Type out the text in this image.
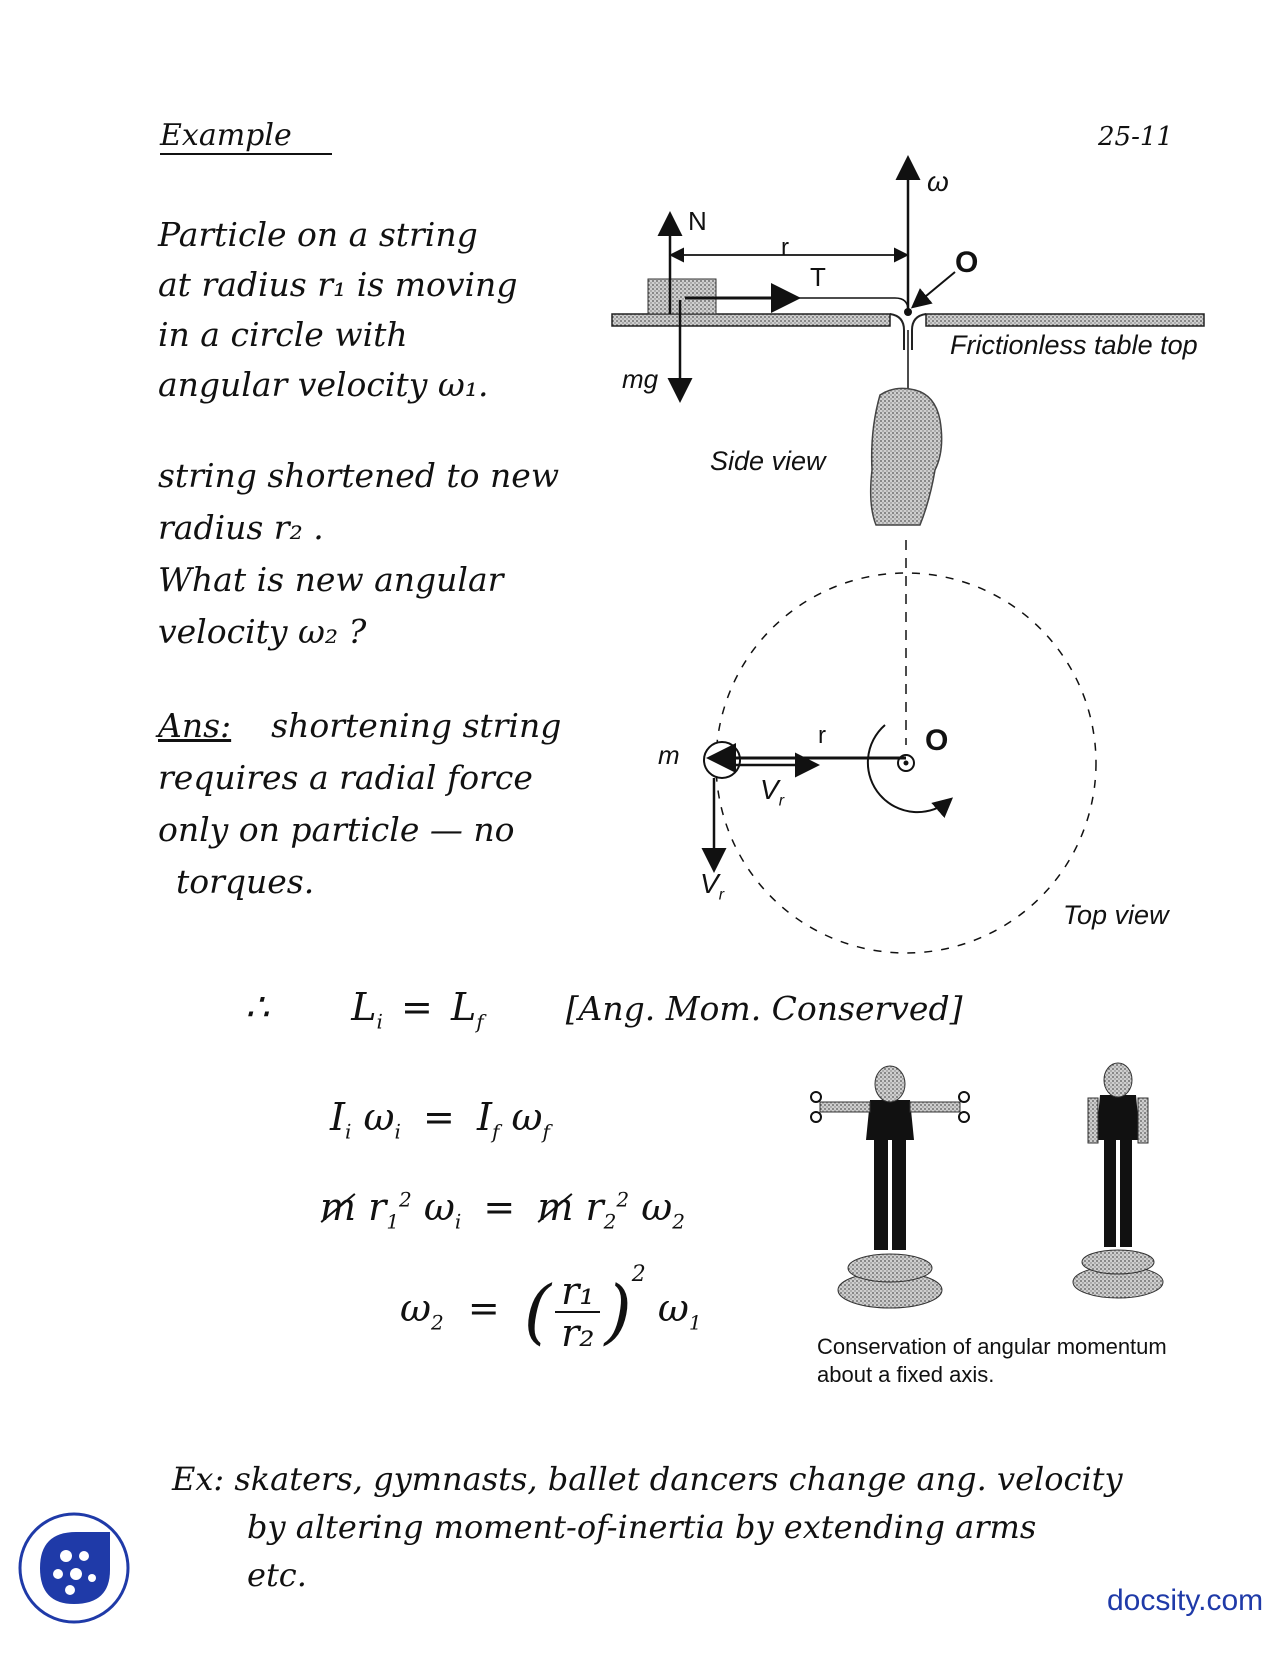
Example	25-11
Particle on a string
at radius r₁ is moving
in a circle with
angular velocity ω₁.
string shortened to new
radius r₂ .
What is new angular
velocity ω₂ ?
Ans: shortening string
requires a radial force
only on particle — no
torques.
ω
N
r
T	O
Frictionless table top
mg
Side view
m
r	O
$V_r$
$V_r$
Top view
∴ $L_i = L_f$ [Ang. Mom. Conserved]
$I_i$ $\omega_i = I_f$ $\omega_f$
m $r_1^2$ $\omega_i = m$ $r_2^2$ $\omega_2$
$\omega_2$ = ( $\frac{\text{r₁}}{\text{r₂}} )^2$ $\omega_1$
Conservation of angular momentum
about a fixed axis.
Ex: skaters, gymnasts, ballet dancers change ang. velocity
by altering moment-of-inertia by extending arms
etc.
docsity.com
